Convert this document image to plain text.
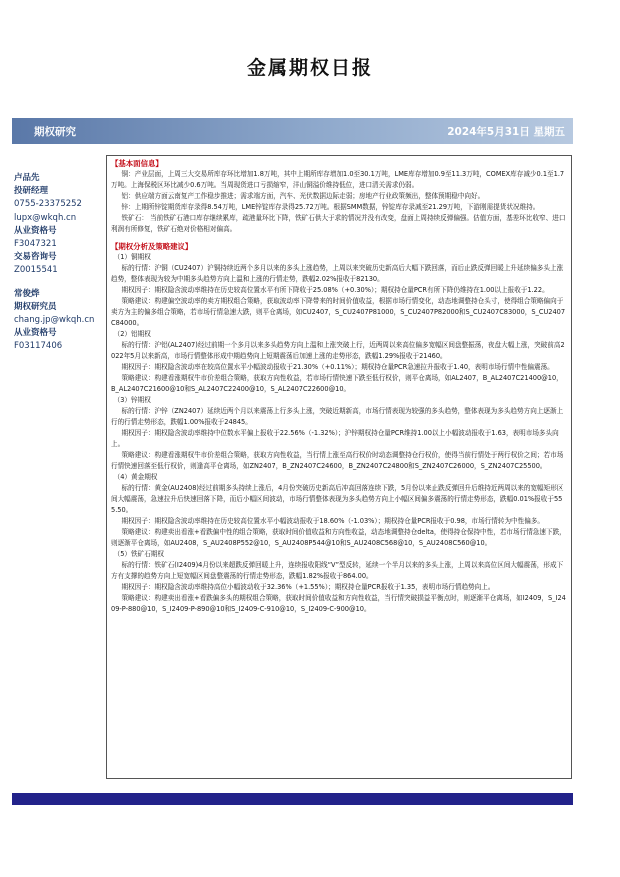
金属期权日报
期权研究	2024年5月31日 星期五
卢品先
投研经理
0755-23375252
lupx@wkqh.cn
从业资格号
F3047321
交易咨询号
Z0015541
常俊烨
期权研究员
chang.jp@wkqh.cn
从业资格号
F03117406
【基本面信息】

铜：产业层面，上周三大交易所库存环比增加1.8万吨，其中上期所库存增加1.0至30.1万吨，LME库存增加0.9至11.3万吨，COMEX库存减少0.1至1.7万吨。上海保税区环比减少0.6万吨。当周现货进口亏损缩窄，洋山铜溢价维持低位，进口清关需求仍弱。

铝：供应端方面云南复产工作稳步推进；需求端方面，汽车、光伏数据边际走弱；房地产行业政策频出，整体预期稳中向好。

锌：上期所锌锭期货库存录得8.54万吨，LME锌锭库存录得25.72万吨。根据SMM数据，锌锭库存录减至21.29万吨，下游刚需提货状况维持。

铁矿石： 当前铁矿石港口库存继续累库，疏港量环比下降，铁矿石供大于求的情况并没有改变，盘面上周持续反弹偏强。估值方面，基差环比收窄、进口利润有所修复，铁矿石绝对价格相对偏高。

【期权分析及策略建议】

（1）铜期权

标的行情：沪铜（CU2407）沪铜持续近两个多月以来的多头上涨趋势，上周以来突破历史新高后大幅下跌回落，而后止跌反弹回暖上升延续偏多头上涨趋势，整体表现为较为中期多头趋势方向上温和上涨的行情走势，跌幅2.02%报收于82130。

期权因子：期权隐含波动率维持在历史较高位置水平有所下降收于25.08%（+0.30%）；期权持仓量PCR有所下降仍维持在1.00以上报收于1.22。

策略建议：构建偏空波动率的卖方期权组合策略，获取波动率下降带来的时间价值收益，根据市场行情变化，动态地调整持仓头寸，使得组合策略偏向于卖方为主的偏多组合策略，若市场行情急速大跌，则平仓离场，如CU2407，S_CU2407P81000，S_CU2407P82000和S_CU2407C83000，S_CU2407C84000。

（2）铝期权

标的行情：沪铝(AL2407)经过前期一个多月以来多头趋势方向上温和上涨突破上行，近两周以来高位偏多宽幅区间盘整振荡，夜盘大幅上涨，突破前高2022年5月以来新高，市场行情整体形成中期趋势向上短期震荡后加速上涨的走势形态，跌幅1.29%报收于21460。

期权因子：期权隐含波动率在较高位置水平小幅波动报收于21.30%（+0.11%）；期权持仓量PCR急速拉升报收于1.40，表明市场行情中性偏震荡。

策略建议：构建看涨期权牛市价差组合策略，获取方向性收益，若市场行情快速下跌至低行权价，则平仓离场，如AL2407，B_AL2407C21400@10，B_AL2407C21600@10和S_AL2407C22400@10，S_AL2407C22600@10。

（3）锌期权

标的行情：沪锌（ZN2407）延续近两个月以来震荡上行多头上涨，突破近期新高，市场行情表现为较强的多头趋势，整体表现为多头趋势方向上逐渐上行的行情走势形态，跌幅1.00%报收于24845。

期权因子：期权隐含波动率维持中位数水平偏上报收于22.56%（-1.32%）；沪锌期权持仓量PCR维持1.00以上小幅波动报收于1.63，表明市场多头向上。

策略建议：构建看涨期权牛市价差组合策略，获取方向性收益，当行情上涨至高行权价时动态调整持仓行权价，使得当前行情处于两行权价之间；若市场行情快速回落至低行权价，则逢高平仓离场，如ZN2407，B_ZN2407C24600，B_ZN2407C24800和S_ZN2407C26000，S_ZN2407C25500。

（4）黄金期权

标的行情：黄金(AU2408)经过前期多头持续上涨后，4月份突破历史新高后冲高回落连续下跌，5月份以来止跌反弹回升后维持近两周以来的宽幅矩形区间大幅震荡，急速拉升后快速回落下降，而后小幅区间波动，市场行情整体表现为多头趋势方向上小幅区间偏多震荡的行情走势形态，跌幅0.01%报收于555.50。

期权因子：期权隐含波动率维持在历史较高位置水平小幅波动报收于18.60%（-1.03%）；期权持仓量PCR报收于0.98，市场行情转为中性偏多。

策略建议：构建卖出看涨+看跌偏中性的组合策略，获取时间价值收益和方向性收益，动态地调整持仓delta，使得持仓保持中性，若市场行情急速下跌，则逐渐平仓离场，如AU2408，S_AU2408P552@10，S_AU2408P544@10和S_AU2408C568@10，S_AU2408C560@10。

（5）铁矿石期权

标的行情：铁矿石(I2409)4月份以来超跌反弹回暖上升，连续报收阳线“V”型反转，延续一个半月以来的多头上涨，上周以来高位区间大幅震荡，形成下方有支撑的趋势方向上短宽幅区间盘整震荡的行情走势形态，跌幅1.82%报收于864.00。

期权因子：期权隐含波动率维持高位小幅波动收于32.36%（+1.55%）；期权持仓量PCR报收于1.35，表明市场行情趋势向上。

策略建议：构建卖出看涨+看跌偏多头的期权组合策略，获取时间价值收益和方向性收益，当行情突破损益平衡点时，则逐渐平仓离场，如I2409，S_I2409-P-880@10，S_I2409-P-890@10和S_I2409-C-910@10，S_I2409-C-900@10。
